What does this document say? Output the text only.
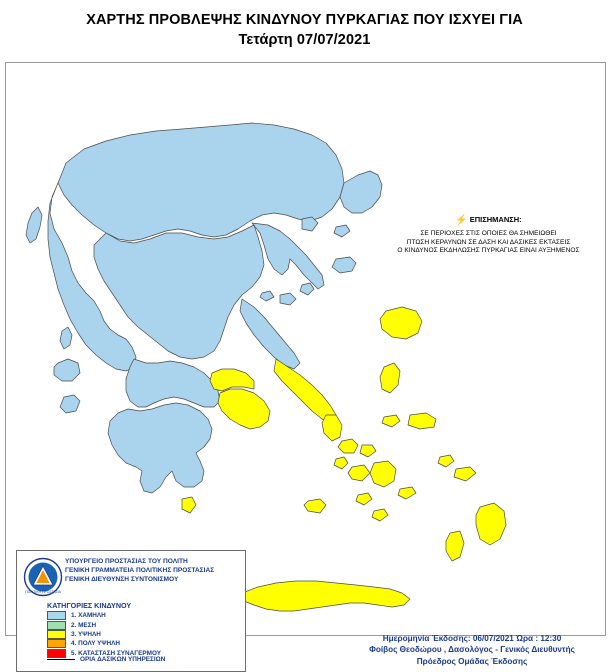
ΧΑΡΤΗΣ ΠΡΟΒΛΕΨΗΣ ΚΙΝΔΥΝΟΥ ΠΥΡΚΑΓΙΑΣ ΠΟΥ ΙΣΧΥΕΙ ΓΙΑ
Τετάρτη 07/07/2021
⚡ ΕΠΙΣΗΜΑΝΣΗ:
ΣΕ ΠΕΡΙΟΧΕΣ ΣΤΙΣ ΟΠΟΙΕΣ ΘΑ ΣΗΜΕΙΩΘΕΙ
ΠΤΩΣΗ ΚΕΡΑΥΝΩΝ ΣΕ ΔΑΣΗ ΚΑΙ ΔΑΣΙΚΕΣ ΕΚΤΑΣΕΙΣ
Ο ΚΙΝΔΥΝΟΣ ΕΚΔΗΛΩΣΗΣ ΠΥΡΚΑΓΙΑΣ ΕΙΝΑΙ ΑΥΞΗΜΕΝΟΣ
ΠΟΛΙΤΙΚΗ ΠΡΟΣΤΑΣΙΑ
ΥΠΟΥΡΓΕΙΟ ΠΡΟΣΤΑΣΙΑΣ ΤΟΥ ΠΟΛΙΤΗ
ΓΕΝΙΚΗ ΓΡΑΜΜΑΤΕΙΑ ΠΟΛΙΤΙΚΗΣ ΠΡΟΣΤΑΣΙΑΣ
ΓΕΝΙΚΗ ΔΙΕΥΘΥΝΣΗ ΣΥΝΤΟΝΙΣΜΟΥ
ΚΑΤΗΓΟΡΙΕΣ ΚΙΝΔΥΝΟΥ
1. ΧΑΜΗΛΗ
2. ΜΕΣΗ
3. ΥΨΗΛΗ
4. ΠΟΛΥ ΥΨΗΛΗ
5. ΚΑΤΑΣΤΑΣΗ ΣΥΝΑΓΕΡΜΟΥ
ΟΡΙΑ ΔΑΣΙΚΩΝ ΥΠΗΡΕΣΙΩΝ
Ημερομηνία Έκδοσης: 06/07/2021 Ώρα : 12:30
Φοίβος Θεοδώρου , Δασολόγος - Γενικός Διευθυντής
Πρόεδρος Ομάδας Έκδοσης
